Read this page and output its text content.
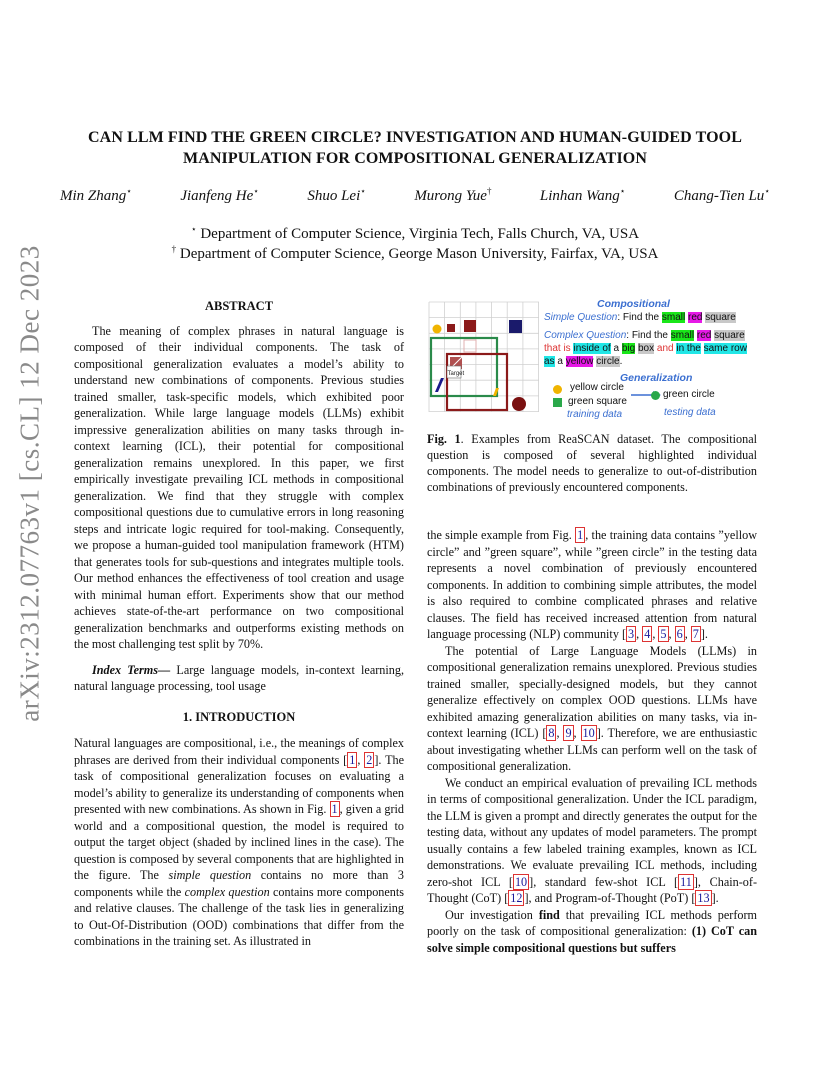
arXiv:2312.07763v1 [cs.CL] 12 Dec 2023
CAN LLM FIND THE GREEN CIRCLE? INVESTIGATION AND HUMAN-GUIDED TOOL
MANIPULATION FOR COMPOSITIONAL GENERALIZATION
Min Zhang⋆	Jianfeng He⋆	Shuo Lei⋆	Murong Yue†	Linhan Wang⋆	Chang-Tien Lu⋆
⋆ Department of Computer Science, Virginia Tech, Falls Church, VA, USA
† Department of Computer Science, George Mason University, Fairfax, VA, USA
ABSTRACT

The meaning of complex phrases in natural language is composed of their individual components. The task of compositional generalization evaluates a model’s ability to understand new combinations of components. Previous studies trained smaller, task-specific models, which exhibited poor generalization. While large language models (LLMs) exhibit impressive generalization abilities on many tasks through in-context learning (ICL), their potential for compositional generalization remains unexplored. In this paper, we first empirically investigate prevailing ICL methods in compositional generalization. We find that they struggle with complex compositional questions due to cumulative errors in long reasoning steps and intricate logic required for tool-making. Consequently, we propose a human-guided tool manipulation framework (HTM) that generates tools for sub-questions and integrates multiple tools. Our method enhances the effectiveness of tool creation and usage with minimal human effort. Experiments show that our method achieves state-of-the-art performance on two compositional generalization benchmarks and outperforms existing methods on the most challenging test split by 70%.

Index Terms— Large language models, in-context learning, natural language processing, tool usage

1. INTRODUCTION

Natural languages are compositional, i.e., the meanings of complex phrases are derived from their individual components [ 1 , 2 ]. The task of compositional generalization focuses on evaluating a model’s ability to generalize its understanding of components when presented with new combinations. As shown in Fig. 1 , given a grid world and a compositional question, the model is required to output the target object (shaded by inclined lines in the case). The question is composed by several components that are highlighted in the figure. The simple question contains no more than 3 components while the complex question contains more components and relative clauses. The challenge of the task lies in generalizing to Out-Of-Distribution (OOD) combinations that differ from the combinations in the training set. As illustrated in

Target
Compositional
Simple Question: Find the small red square
Complex Question: Find the small red square that is inside of a big box and in the same row as a yellow circle.
Generalization
yellow circle
green square
green circle
training data	testing data
Fig. 1. Examples from ReaSCAN dataset. The compositional question is composed of several highlighted individual components. The model needs to generalize to out-of-distribution combinations of previously encountered components.

the simple example from Fig. 1 , the training data contains ”yellow circle” and ”green square”, while ”green circle” in the testing data represents a novel combination of previously encountered components. In addition to combining simple attributes, the model is also required to combine complicated phrases and relative clauses. The field has received increased attention from natural language processing (NLP) community [ 3 , 4 , 5 , 6 , 7 ].

The potential of Large Language Models (LLMs) in compositional generalization remains unexplored. Previous studies trained smaller, specially-designed models, but they cannot generalize effectively on complex OOD questions. LLMs have exhibited amazing generalization abilities on many tasks, via in-context learning (ICL) [ 8 , 9 , 10 ]. Therefore, we are enthusiastic about investigating whether LLMs can perform well on the task of compositional generalization.

We conduct an empirical evaluation of prevailing ICL methods in terms of compositional generalization. Under the ICL paradigm, the LLM is given a prompt and directly generates the output for the testing data, without any updates of model parameters. The prompt usually contains a few labeled training examples, known as ICL demonstrations. We evaluate prevailing ICL methods, including zero-shot ICL [ 10 ], standard few-shot ICL [ 11 ], Chain-of-Thought (CoT) [ 12 ], and Program-of-Thought (PoT) [ 13 ].

Our investigation find that prevailing ICL methods perform poorly on the task of compositional generalization: (1) CoT can solve simple compositional questions but suffers
